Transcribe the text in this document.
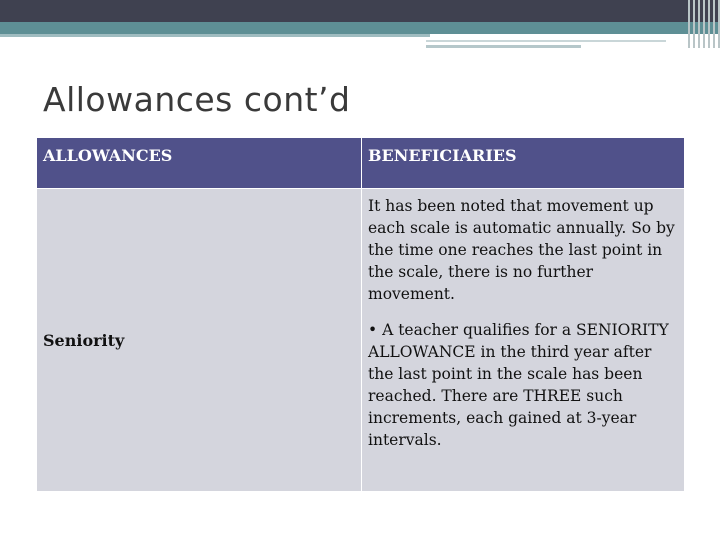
Allowances cont’d
ALLOWANCES	BENEFICIARIES
Seniority	It has been noted that movement up each scale is automatic annually. So by the time one reaches the last point in the scale, there is no further movement.

• A teacher qualifies for a SENIORITY ALLOWANCE in the third year after the last point in the scale has been reached. There are THREE such increments, each gained at 3-year intervals.
